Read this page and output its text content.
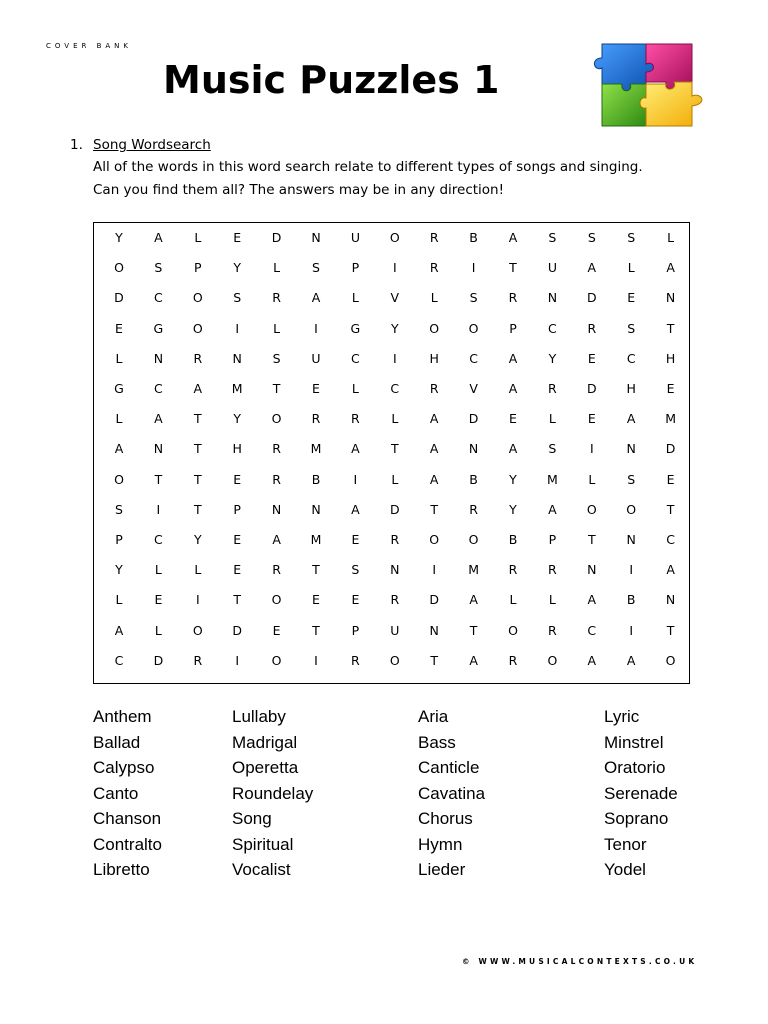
COVER BANK
Music Puzzles 1
1. Song Wordsearch
All of the words in this word search relate to different types of songs and singing.
Can you find them all? The answers may be in any direction!
Y	A	L	E	D	N	U	O	R	B	A	S	S	S	L
O	S	P	Y	L	S	P	I	R	I	T	U	A	L	A
D	C	O	S	R	A	L	V	L	S	R	N	D	E	N
E	G	O	I	L	I	G	Y	O	O	P	C	R	S	T
L	N	R	N	S	U	C	I	H	C	A	Y	E	C	H
G	C	A	M	T	E	L	C	R	V	A	R	D	H	E
L	A	T	Y	O	R	R	L	A	D	E	L	E	A	M
A	N	T	H	R	M	A	T	A	N	A	S	I	N	D
O	T	T	E	R	B	I	L	A	B	Y	M	L	S	E
S	I	T	P	N	N	A	D	T	R	Y	A	O	O	T
P	C	Y	E	A	M	E	R	O	O	B	P	T	N	C
Y	L	L	E	R	T	S	N	I	M	R	R	N	I	A
L	E	I	T	O	E	E	R	D	A	L	L	A	B	N
A	L	O	D	E	T	P	U	N	T	O	R	C	I	T
C	D	R	I	O	I	R	O	T	A	R	O	A	A	O
Anthem
Ballad
Calypso
Canto
Chanson
Contralto
Libretto
Lullaby
Madrigal
Operetta
Roundelay
Song
Spiritual
Vocalist
Aria
Bass
Canticle
Cavatina
Chorus
Hymn
Lieder
Lyric
Minstrel
Oratorio
Serenade
Soprano
Tenor
Yodel
© WWW.MUSICALCONTEXTS.CO.UK
